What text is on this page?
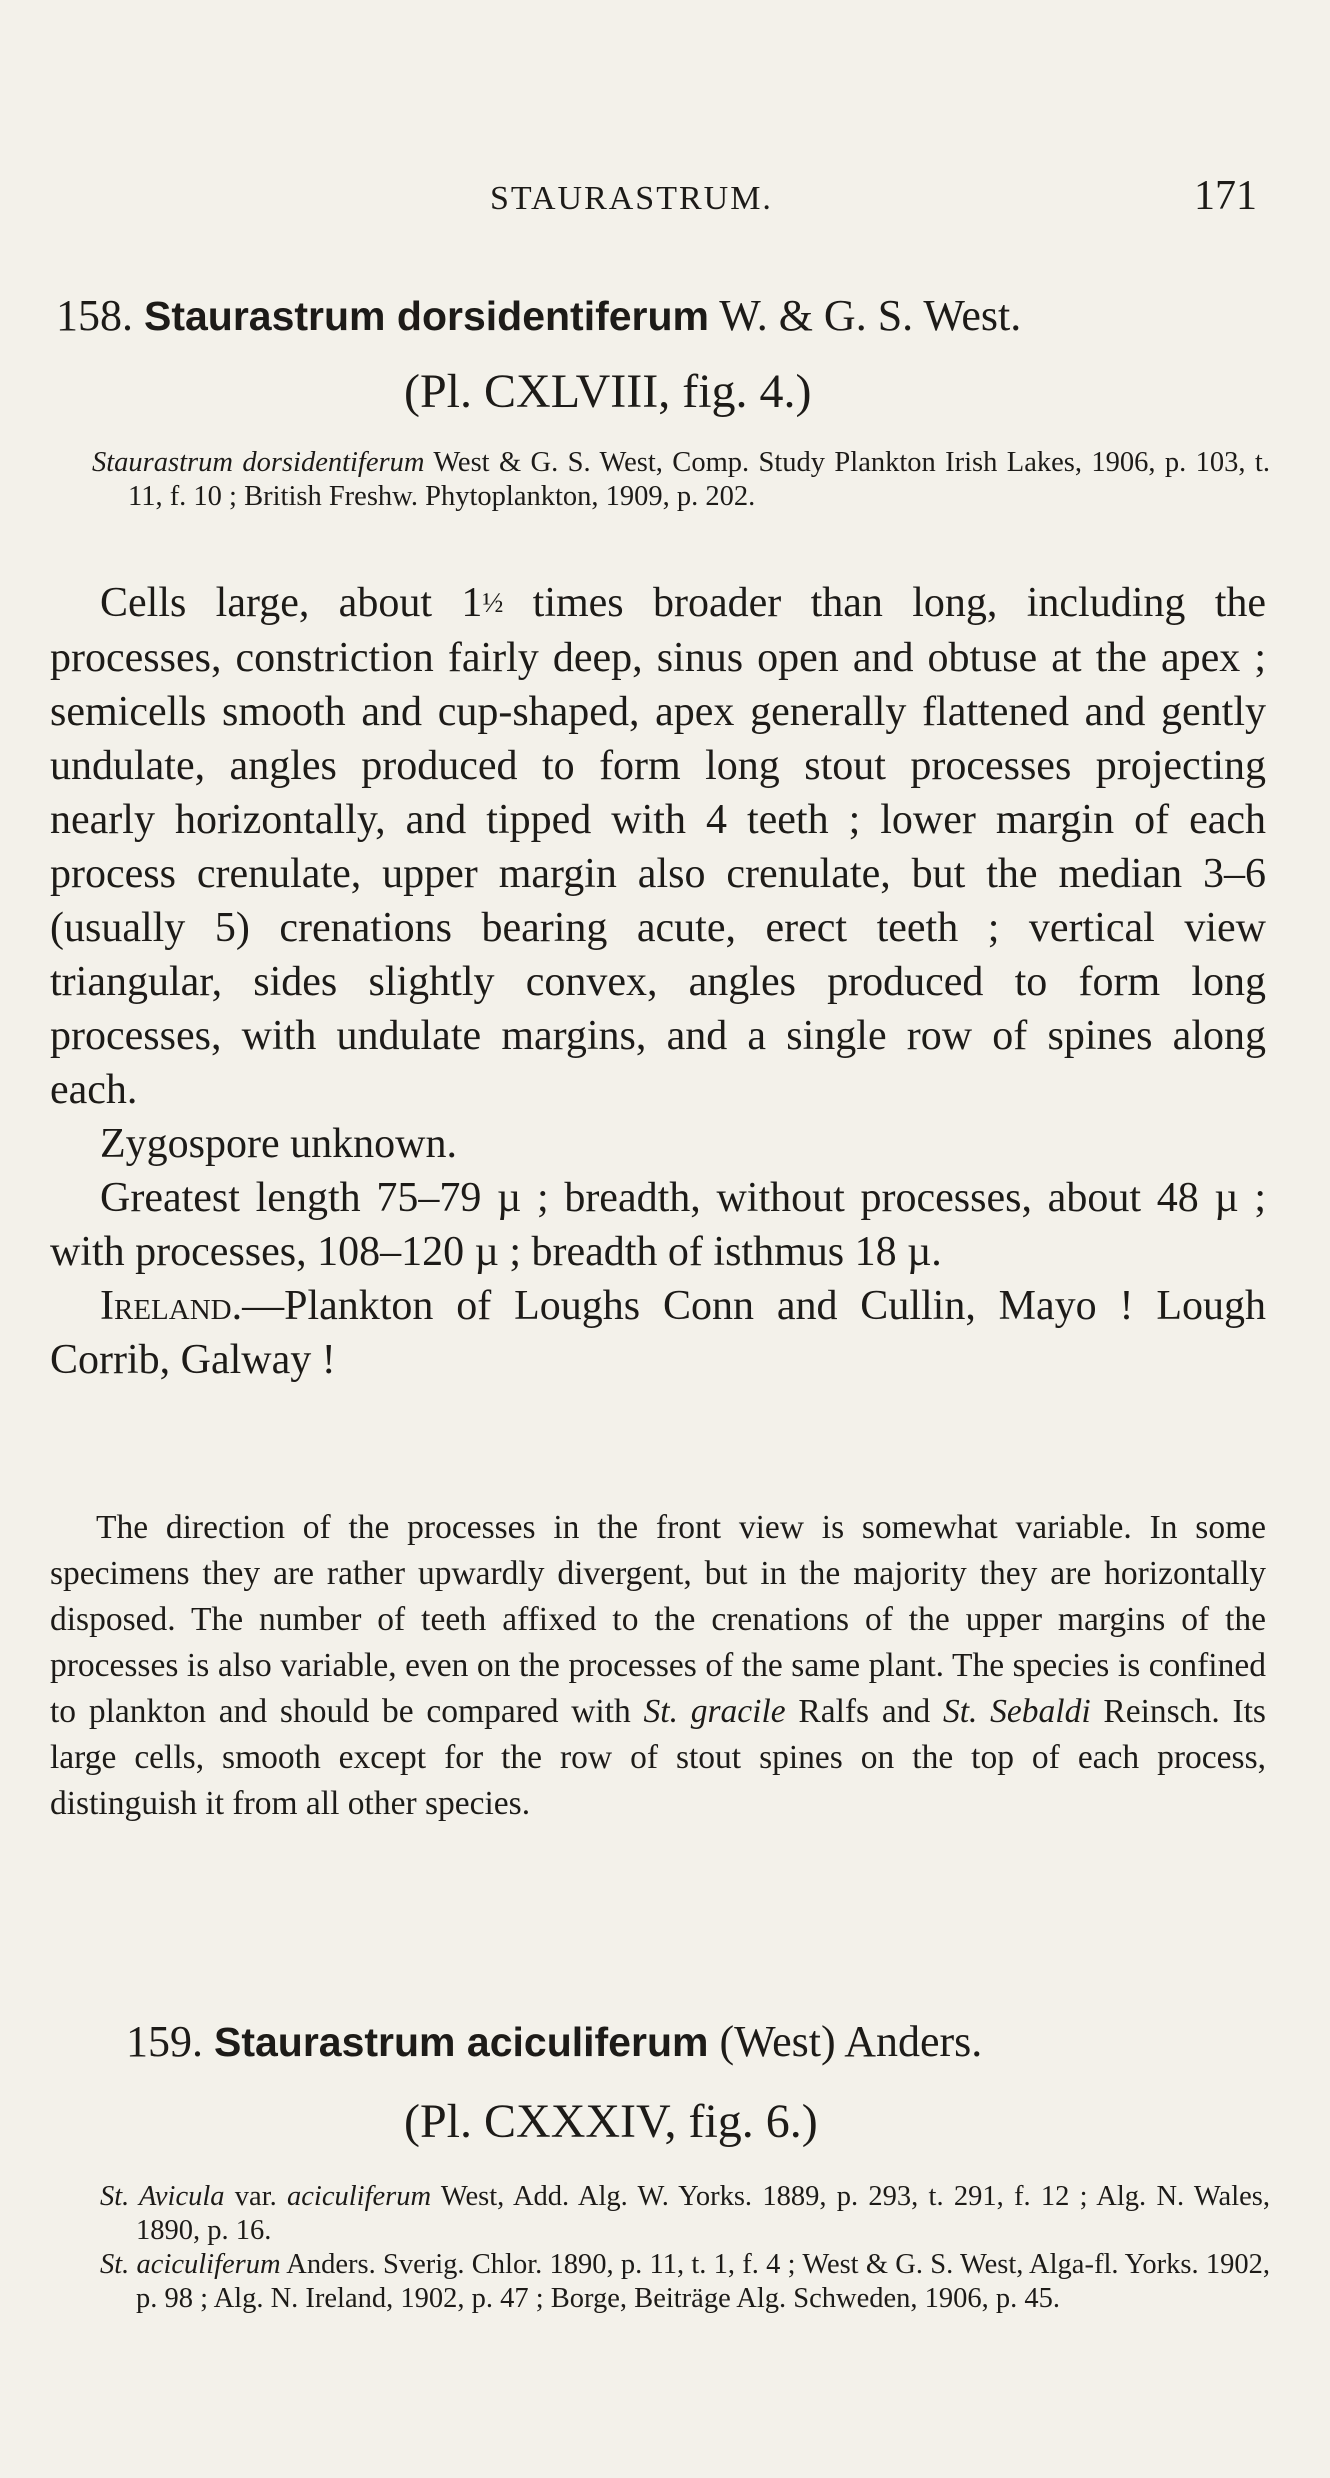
STAURASTRUM.	171
158. Staurastrum dorsidentiferum W. & G. S. West.
(Pl. CXLVIII, fig. 4.)

Staurastrum dorsidentiferum West & G. S. West, Comp. Study Plankton Irish Lakes, 1906, p. 103, t. 11, f. 10 ; British Freshw. Phytoplankton, 1909, p. 202.

Cells large, about 1½ times broader than long, including the processes, constriction fairly deep, sinus open and obtuse at the apex ; semicells smooth and cup-shaped, apex generally flattened and gently undulate, angles produced to form long stout processes projecting nearly horizontally, and tipped with 4 teeth ; lower margin of each process crenulate, upper margin also crenulate, but the median 3–6 (usually 5) crenations bearing acute, erect teeth ; vertical view triangular, sides slightly convex, angles produced to form long processes, with undulate margins, and a single row of spines along each.

Zygospore unknown.

Greatest length 75–79 µ ; breadth, without processes, about 48 µ ; with processes, 108–120 µ ; breadth of isthmus 18 µ.

Ireland.—Plankton of Loughs Conn and Cullin, Mayo ! Lough Corrib, Galway !

The direction of the processes in the front view is somewhat variable. In some specimens they are rather upwardly divergent, but in the majority they are horizontally disposed. The number of teeth affixed to the crenations of the upper margins of the processes is also variable, even on the processes of the same plant. The species is confined to plankton and should be compared with St. gracile Ralfs and St. Sebaldi Reinsch. Its large cells, smooth except for the row of stout spines on the top of each process, distinguish it from all other species.

159. Staurastrum aciculiferum (West) Anders.
(Pl. CXXXIV, fig. 6.)

St. Avicula var. aciculiferum West, Add. Alg. W. Yorks. 1889, p. 293, t. 291, f. 12 ; Alg. N. Wales, 1890, p. 16.

St. aciculiferum Anders. Sverig. Chlor. 1890, p. 11, t. 1, f. 4 ; West & G. S. West, Alga-fl. Yorks. 1902, p. 98 ; Alg. N. Ireland, 1902, p. 47 ; Borge, Beiträge Alg. Schweden, 1906, p. 45.
